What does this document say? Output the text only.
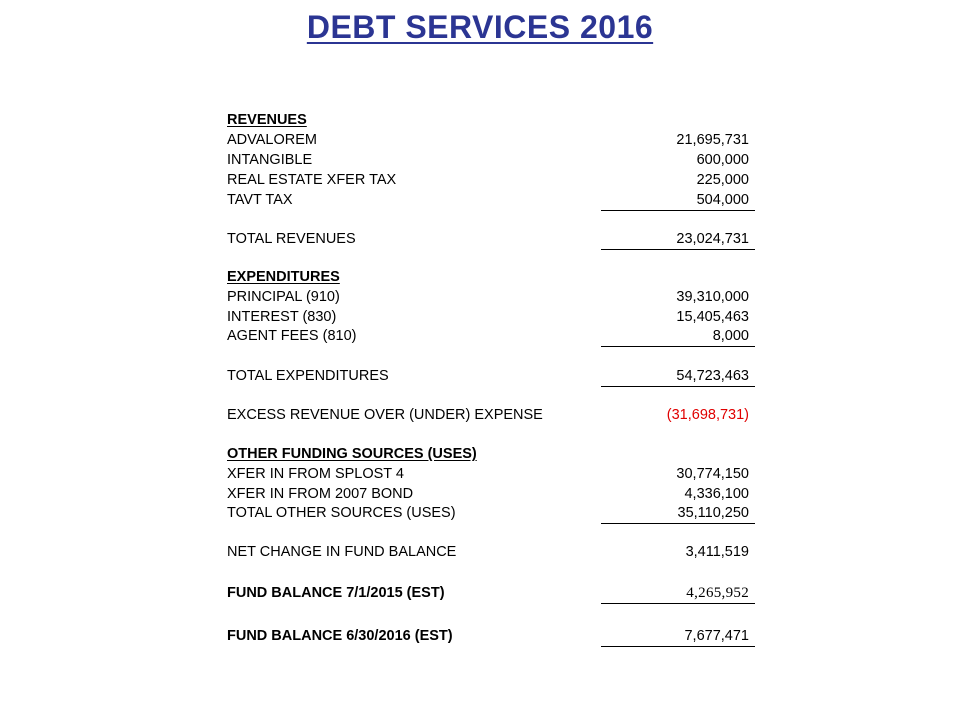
DEBT SERVICES 2016
REVENUES
ADVALOREM	21,695,731
INTANGIBLE	600,000
REAL ESTATE XFER TAX	225,000
TAVT TAX	504,000
TOTAL REVENUES	23,024,731
EXPENDITURES
PRINCIPAL (910)	39,310,000
INTEREST (830)	15,405,463
AGENT FEES (810)	8,000
TOTAL EXPENDITURES	54,723,463
EXCESS REVENUE OVER (UNDER) EXPENSE	(31,698,731)
OTHER FUNDING SOURCES (USES)
XFER IN FROM SPLOST 4	30,774,150
XFER IN FROM 2007 BOND	4,336,100
TOTAL OTHER SOURCES (USES)	35,110,250
NET CHANGE IN FUND BALANCE	3,411,519
FUND BALANCE 7/1/2015 (EST)	4,265,952
FUND BALANCE 6/30/2016 (EST)	7,677,471
